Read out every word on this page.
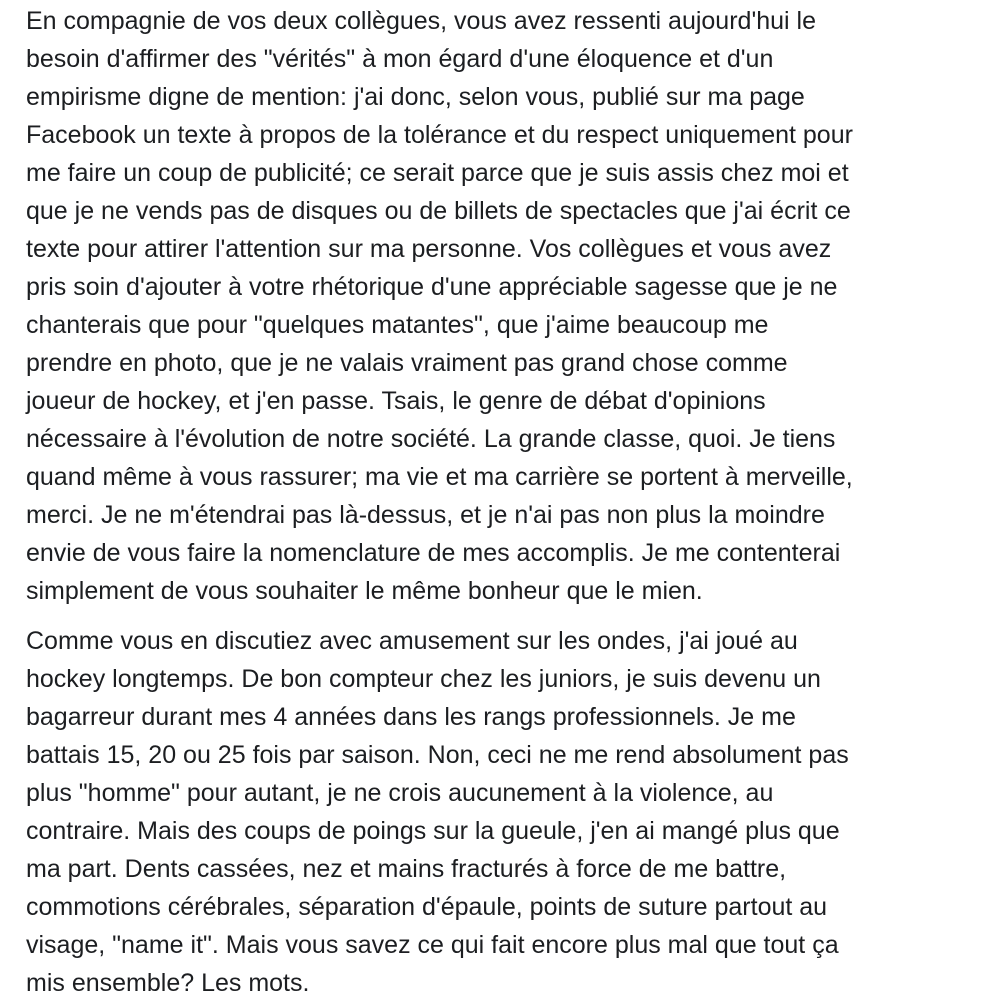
En compagnie de vos deux collègues, vous avez ressenti aujourd'hui le
besoin d'affirmer des "vérités" à mon égard d'une éloquence et d'un
empirisme digne de mention: j'ai donc, selon vous, publié sur ma page
Facebook un texte à propos de la tolérance et du respect uniquement pour
me faire un coup de publicité; ce serait parce que je suis assis chez moi et
que je ne vends pas de disques ou de billets de spectacles que j'ai écrit ce
texte pour attirer l'attention sur ma personne. Vos collègues et vous avez
pris soin d'ajouter à votre rhétorique d'une appréciable sagesse que je ne
chanterais que pour "quelques matantes", que j'aime beaucoup me
prendre en photo, que je ne valais vraiment pas grand chose comme
joueur de hockey, et j'en passe. Tsais, le genre de débat d'opinions
nécessaire à l'évolution de notre société. La grande classe, quoi. Je tiens
quand même à vous rassurer; ma vie et ma carrière se portent à merveille,
merci. Je ne m'étendrai pas là-dessus, et je n'ai pas non plus la moindre
envie de vous faire la nomenclature de mes accomplis. Je me contenterai
simplement de vous souhaiter le même bonheur que le mien.

Comme vous en discutiez avec amusement sur les ondes, j'ai joué au
hockey longtemps. De bon compteur chez les juniors, je suis devenu un
bagarreur durant mes 4 années dans les rangs professionnels. Je me
battais 15, 20 ou 25 fois par saison. Non, ceci ne me rend absolument pas
plus "homme" pour autant, je ne crois aucunement à la violence, au
contraire. Mais des coups de poings sur la gueule, j'en ai mangé plus que
ma part. Dents cassées, nez et mains fracturés à force de me battre,
commotions cérébrales, séparation d'épaule, points de suture partout au
visage, "name it". Mais vous savez ce qui fait encore plus mal que tout ça
mis ensemble? Les mots.
